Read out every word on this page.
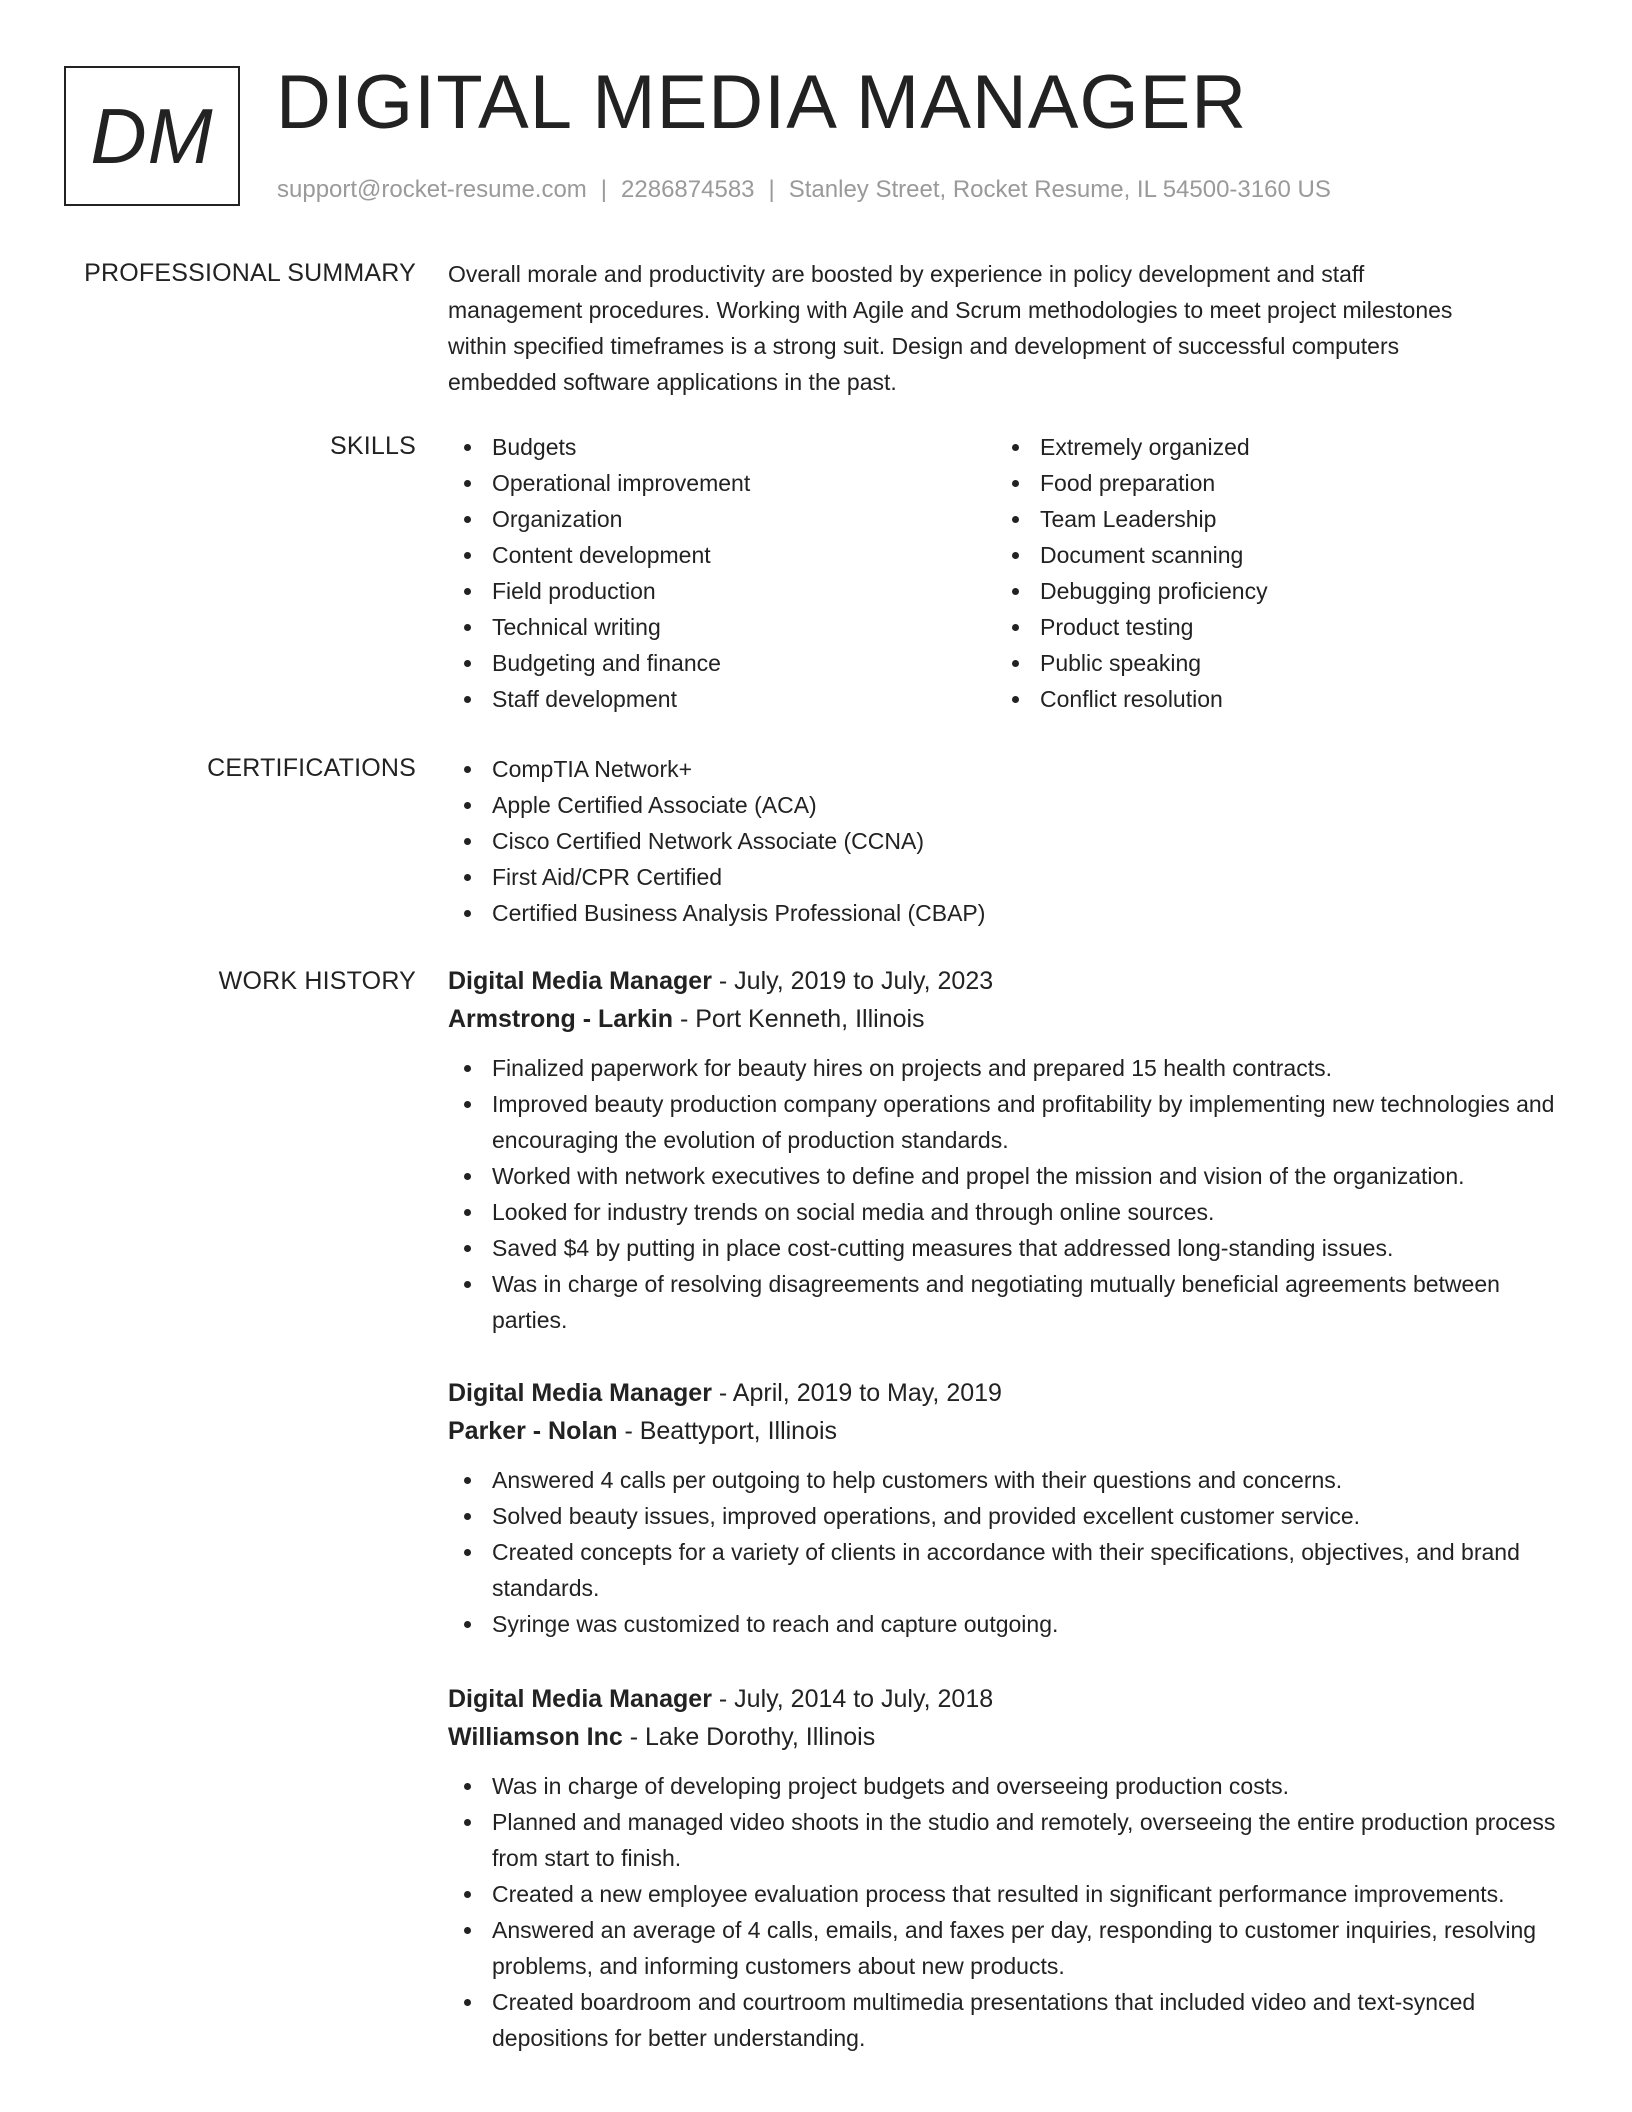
DM DIGITAL MEDIA MANAGER
support@rocket-resume.com | 2286874583 | Stanley Street, Rocket Resume, IL 54500-3160 US
PROFESSIONAL SUMMARY Overall morale and productivity are boosted by experience in policy development and staff
management procedures. Working with Agile and Scrum methodologies to meet project milestones
within specified timeframes is a strong suit. Design and development of successful computers
embedded software applications in the past.
SKILLS	Budgets
Operational improvement
Organization
Content development
Field production
Technical writing
Budgeting and finance
Staff development
Extremely organized
Food preparation
Team Leadership
Document scanning
Debugging proficiency
Product testing
Public speaking
Conflict resolution
CERTIFICATIONS	CompTIA Network+
Apple Certified Associate (ACA)
Cisco Certified Network Associate (CCNA)
First Aid/CPR Certified
Certified Business Analysis Professional (CBAP)
WORK HISTORY Digital Media Manager - July, 2019 to July, 2023
Armstrong - Larkin - Port Kenneth, Illinois
Finalized paperwork for beauty hires on projects and prepared 15 health contracts.
Improved beauty production company operations and profitability by implementing new technologies and encouraging the evolution of production standards.
Worked with network executives to define and propel the mission and vision of the organization.
Looked for industry trends on social media and through online sources.
Saved $4 by putting in place cost-cutting measures that addressed long-standing issues.
Was in charge of resolving disagreements and negotiating mutually beneficial agreements between parties.
Digital Media Manager - April, 2019 to May, 2019
Parker - Nolan - Beattyport, Illinois
Answered 4 calls per outgoing to help customers with their questions and concerns.
Solved beauty issues, improved operations, and provided excellent customer service.
Created concepts for a variety of clients in accordance with their specifications, objectives, and brand standards.
Syringe was customized to reach and capture outgoing.
Digital Media Manager - July, 2014 to July, 2018
Williamson Inc - Lake Dorothy, Illinois
Was in charge of developing project budgets and overseeing production costs.
Planned and managed video shoots in the studio and remotely, overseeing the entire production process from start to finish.
Created a new employee evaluation process that resulted in significant performance improvements.
Answered an average of 4 calls, emails, and faxes per day, responding to customer inquiries, resolving problems, and informing customers about new products.
Created boardroom and courtroom multimedia presentations that included video and text-synced depositions for better understanding.
